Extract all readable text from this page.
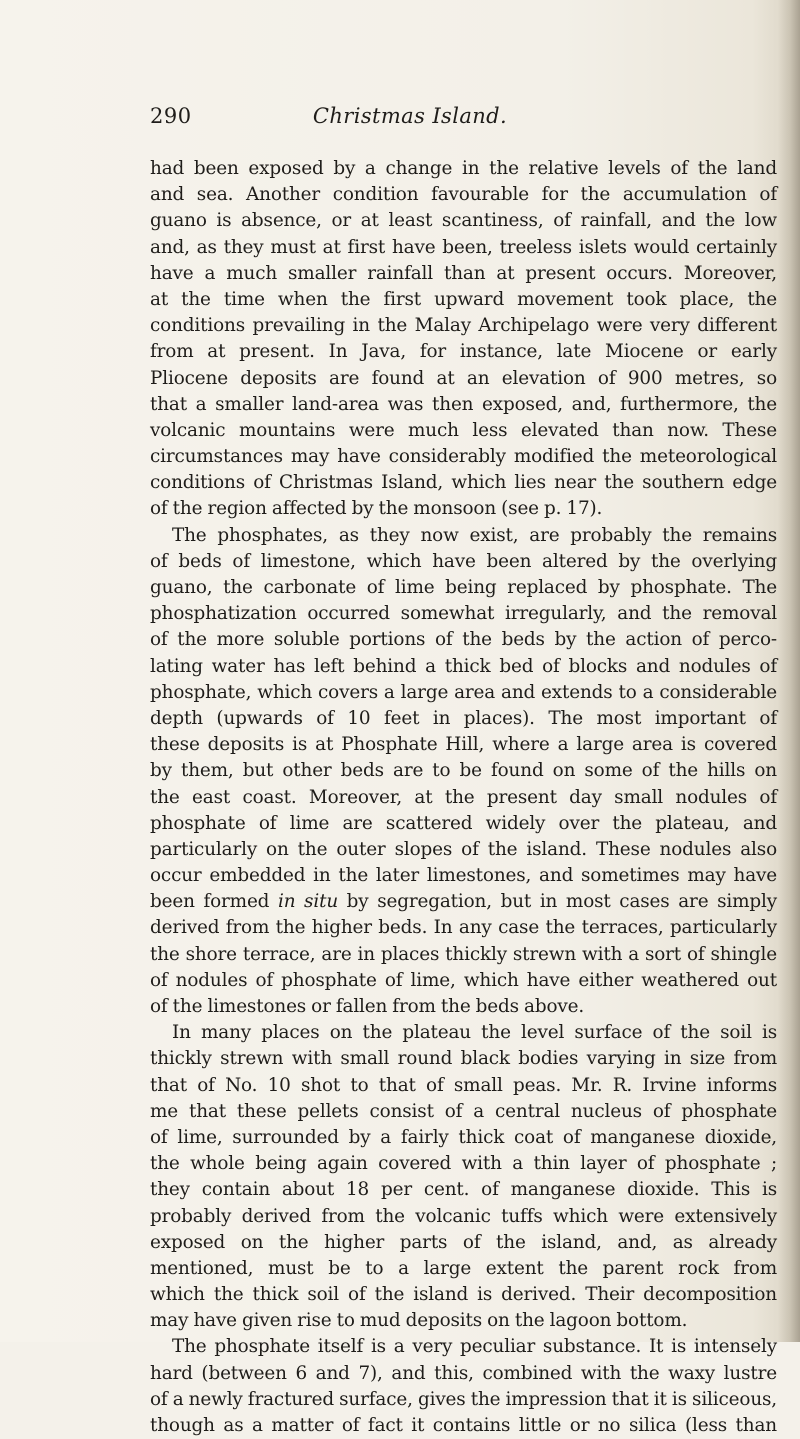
290	Christmas Island.
had been exposed by a change in the relative levels of the land
and sea. Another condition favourable for the accumulation of
guano is absence, or at least scantiness, of rainfall, and the low
and, as they must at first have been, treeless islets would certainly
have a much smaller rainfall than at present occurs. Moreover,
at the time when the first upward movement took place, the
conditions prevailing in the Malay Archipelago were very different
from at present. In Java, for instance, late Miocene or early
Pliocene deposits are found at an elevation of 900 metres, so
that a smaller land-area was then exposed, and, furthermore, the
volcanic mountains were much less elevated than now. These
circumstances may have considerably modified the meteorological
conditions of Christmas Island, which lies near the southern edge
of the region affected by the monsoon (see p. 17).
The phosphates, as they now exist, are probably the remains
of beds of limestone, which have been altered by the overlying
guano, the carbonate of lime being replaced by phosphate. The
phosphatization occurred somewhat irregularly, and the removal
of the more soluble portions of the beds by the action of perco-
lating water has left behind a thick bed of blocks and nodules of
phosphate, which covers a large area and extends to a considerable
depth (upwards of 10 feet in places). The most important of
these deposits is at Phosphate Hill, where a large area is covered
by them, but other beds are to be found on some of the hills on
the east coast. Moreover, at the present day small nodules of
phosphate of lime are scattered widely over the plateau, and
particularly on the outer slopes of the island. These nodules also
occur embedded in the later limestones, and sometimes may have
been formed in situ by segregation, but in most cases are simply
derived from the higher beds. In any case the terraces, particularly
the shore terrace, are in places thickly strewn with a sort of shingle
of nodules of phosphate of lime, which have either weathered out
of the limestones or fallen from the beds above.
In many places on the plateau the level surface of the soil is
thickly strewn with small round black bodies varying in size from
that of No. 10 shot to that of small peas. Mr. R. Irvine informs
me that these pellets consist of a central nucleus of phosphate
of lime, surrounded by a fairly thick coat of manganese dioxide,
the whole being again covered with a thin layer of phosphate ;
they contain about 18 per cent. of manganese dioxide. This is
probably derived from the volcanic tuffs which were extensively
exposed on the higher parts of the island, and, as already
mentioned, must be to a large extent the parent rock from
which the thick soil of the island is derived. Their decomposition
may have given rise to mud deposits on the lagoon bottom.
The phosphate itself is a very peculiar substance. It is intensely
hard (between 6 and 7), and this, combined with the waxy lustre
of a newly fractured surface, gives the impression that it is siliceous,
though as a matter of fact it contains little or no silica (less than
